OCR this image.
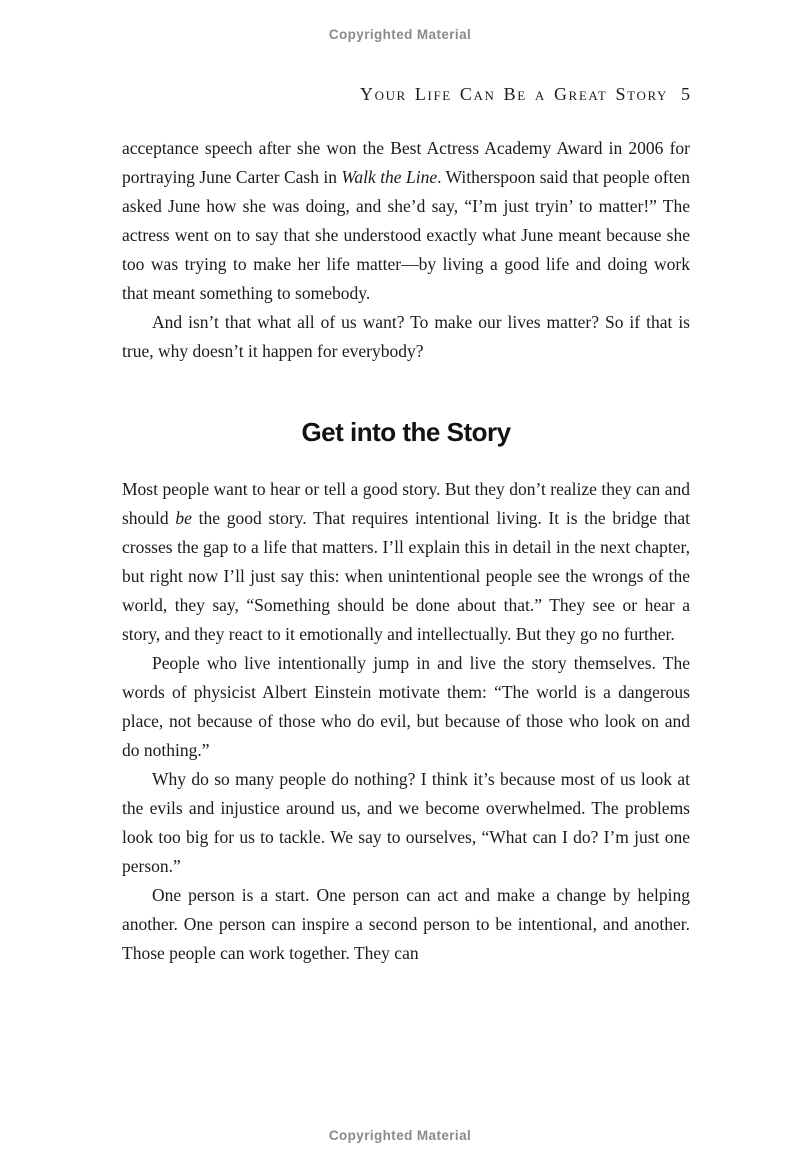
Copyrighted Material
Your Life Can Be a Great Story 5

acceptance speech after she won the Best Actress Academy Award in 2006 for portraying June Carter Cash in Walk the Line. Witherspoon said that people often asked June how she was doing, and she’d say, “I’m just tryin’ to matter!” The actress went on to say that she understood exactly what June meant because she too was trying to make her life matter—by living a good life and doing work that meant something to somebody.

And isn’t that what all of us want? To make our lives matter? So if that is true, why doesn’t it happen for everybody?

Get into the Story

Most people want to hear or tell a good story. But they don’t realize they can and should be the good story. That requires intentional living. It is the bridge that crosses the gap to a life that matters. I’ll explain this in detail in the next chapter, but right now I’ll just say this: when unintentional people see the wrongs of the world, they say, “Something should be done about that.” They see or hear a story, and they react to it emotionally and intellectually. But they go no further.

People who live intentionally jump in and live the story themselves. The words of physicist Albert Einstein motivate them: “The world is a dangerous place, not because of those who do evil, but because of those who look on and do nothing.”

Why do so many people do nothing? I think it’s because most of us look at the evils and injustice around us, and we become overwhelmed. The problems look too big for us to tackle. We say to ourselves, “What can I do? I’m just one person.”

One person is a start. One person can act and make a change by helping another. One person can inspire a second person to be intentional, and another. Those people can work together. They can

Copyrighted Material
